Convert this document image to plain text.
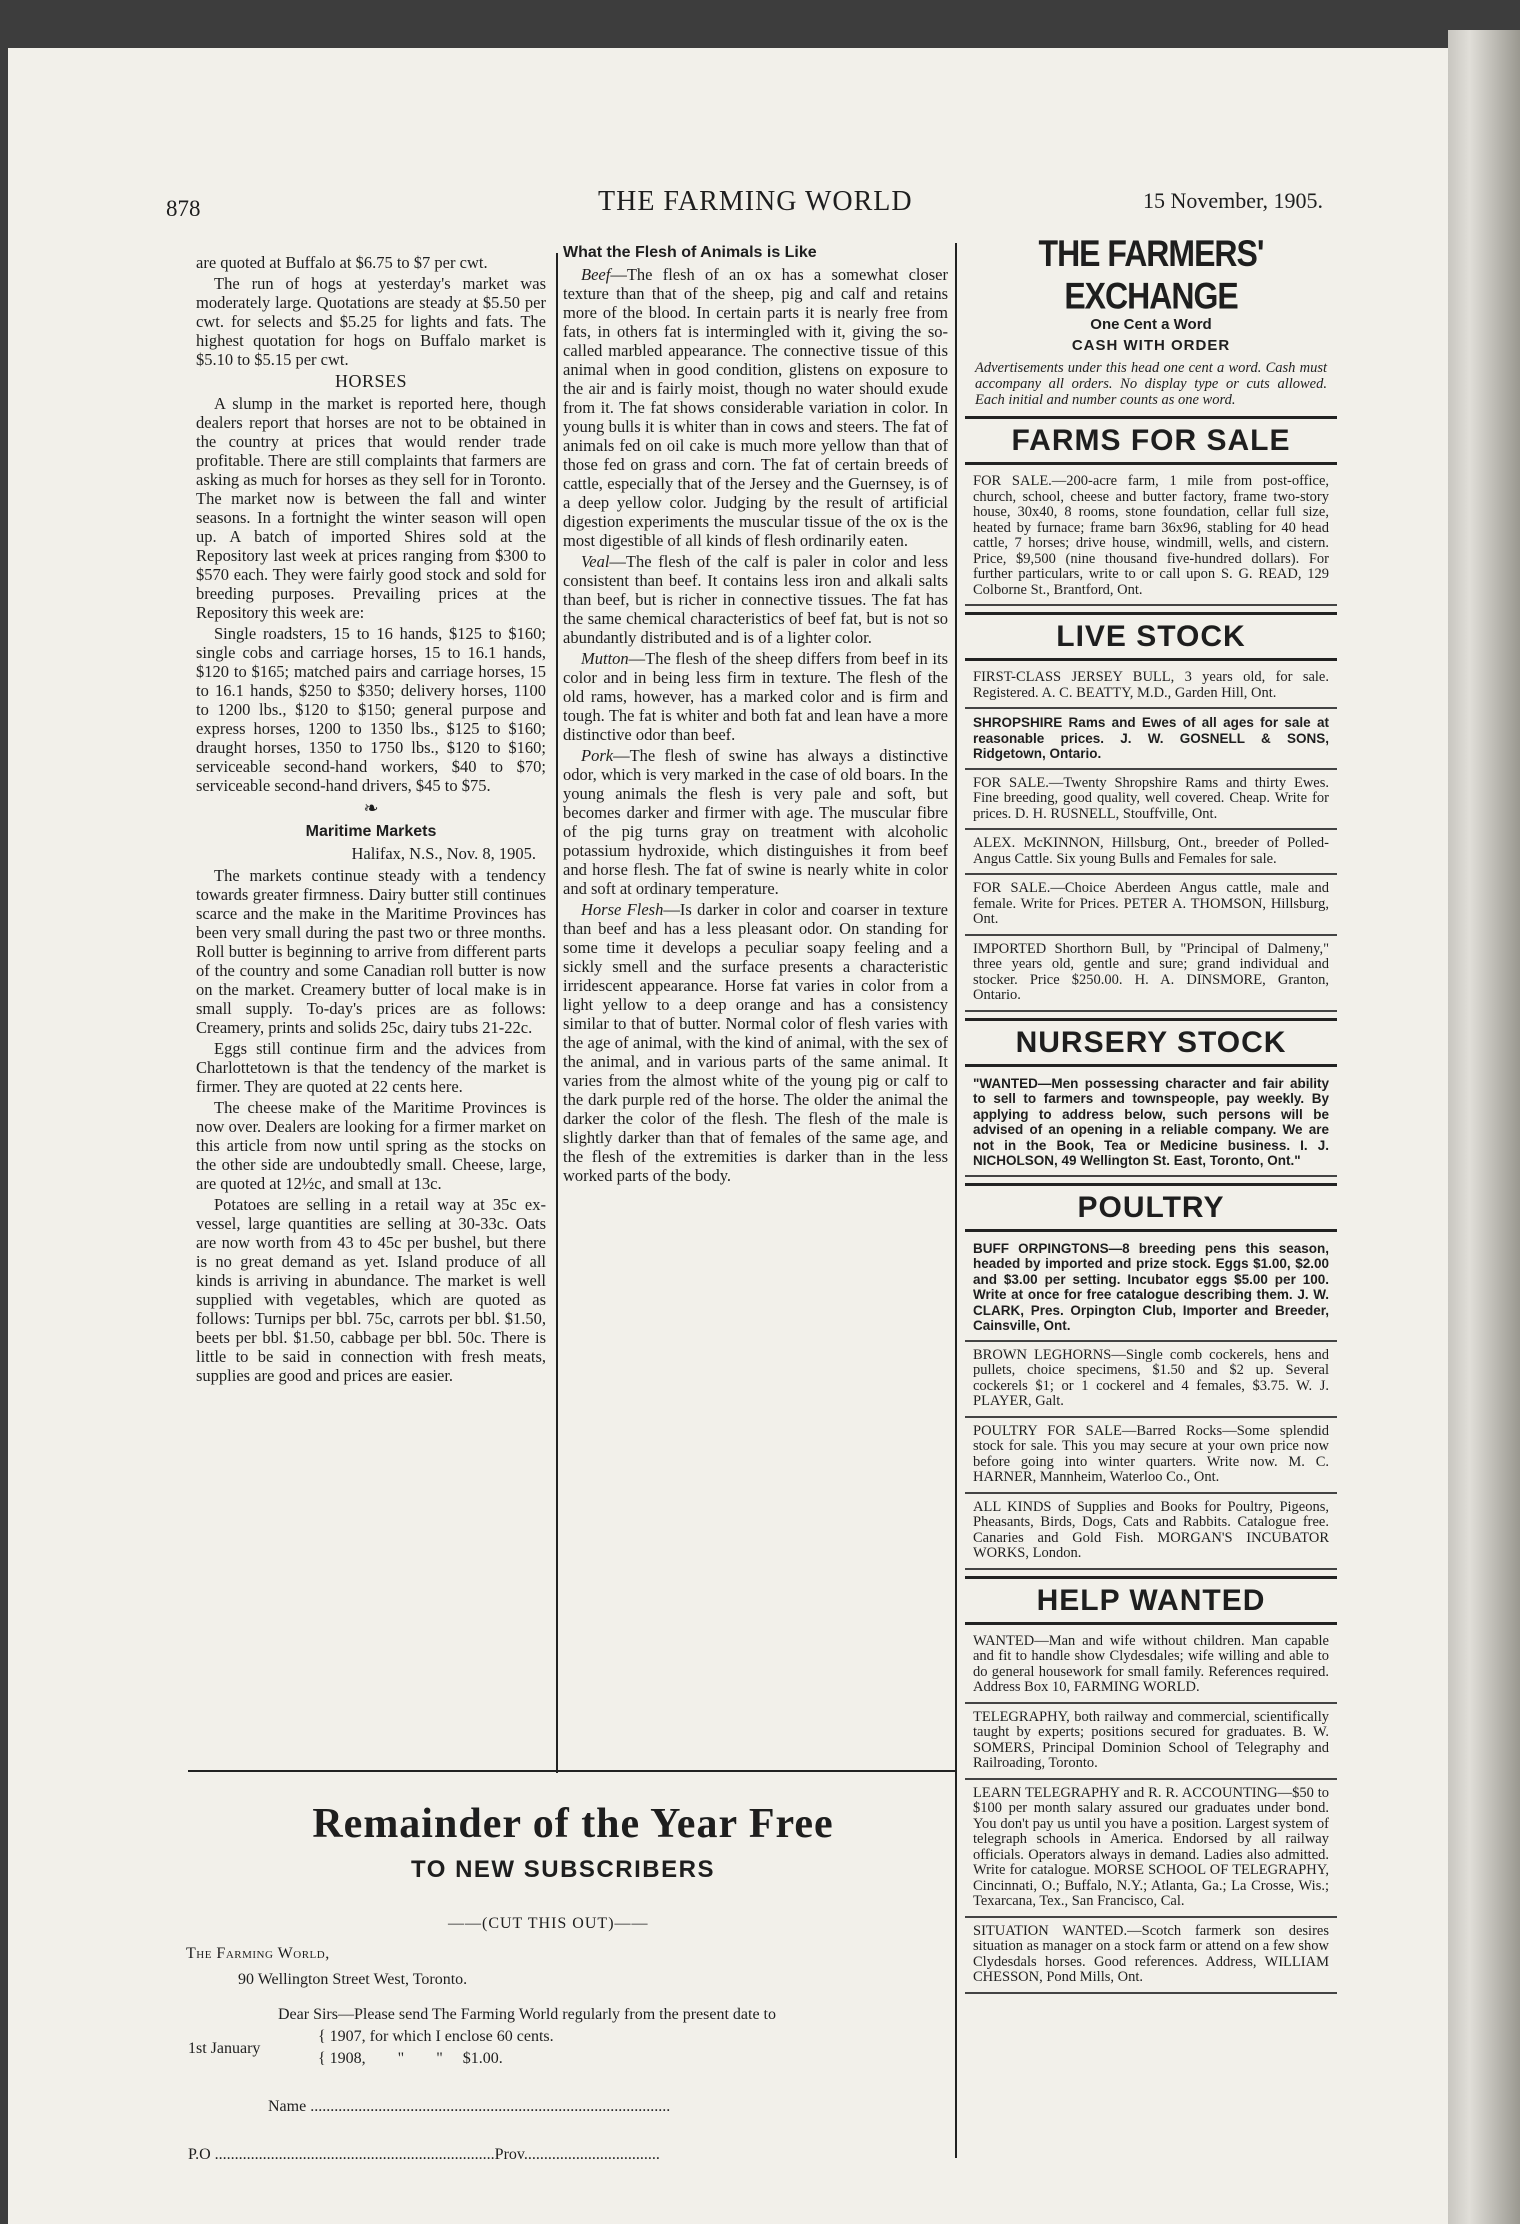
878	THE FARMING WORLD	15 November, 1905.

are quoted at Buffalo at $6.75 to $7 per cwt.

The run of hogs at yesterday's market was moderately large. Quotations are steady at $5.50 per cwt. for selects and $5.25 for lights and fats. The highest quotation for hogs on Buffalo market is $5.10 to $5.15 per cwt.

HORSES

A slump in the market is reported here, though dealers report that horses are not to be obtained in the country at prices that would render trade profitable. There are still complaints that farmers are asking as much for horses as they sell for in Toronto. The market now is between the fall and winter seasons. In a fortnight the winter season will open up. A batch of imported Shires sold at the Repository last week at prices ranging from $300 to $570 each. They were fairly good stock and sold for breeding purposes. Prevailing prices at the Repository this week are:

Single roadsters, 15 to 16 hands, $125 to $160; single cobs and carriage horses, 15 to 16.1 hands, $120 to $165; matched pairs and carriage horses, 15 to 16.1 hands, $250 to $350; delivery horses, 1100 to 1200 lbs., $120 to $150; general purpose and express horses, 1200 to 1350 lbs., $125 to $160; draught horses, 1350 to 1750 lbs., $120 to $160; serviceable second-hand workers, $40 to $70; serviceable second-hand drivers, $45 to $75.

❧
Maritime Markets
Halifax, N.S., Nov. 8, 1905.

The markets continue steady with a tendency towards greater firmness. Dairy butter still continues scarce and the make in the Maritime Provinces has been very small during the past two or three months. Roll butter is beginning to arrive from different parts of the country and some Canadian roll butter is now on the market. Creamery butter of local make is in small supply. To-day's prices are as follows: Creamery, prints and solids 25c, dairy tubs 21-22c.

Eggs still continue firm and the advices from Charlottetown is that the tendency of the market is firmer. They are quoted at 22 cents here.

The cheese make of the Maritime Provinces is now over. Dealers are looking for a firmer market on this article from now until spring as the stocks on the other side are undoubtedly small. Cheese, large, are quoted at 12½c, and small at 13c.

Potatoes are selling in a retail way at 35c ex-vessel, large quantities are selling at 30-33c. Oats are now worth from 43 to 45c per bushel, but there is no great demand as yet. Island produce of all kinds is arriving in abundance. The market is well supplied with vegetables, which are quoted as follows: Turnips per bbl. 75c, carrots per bbl. $1.50, beets per bbl. $1.50, cabbage per bbl. 50c. There is little to be said in connection with fresh meats, supplies are good and prices are easier.

What the Flesh of Animals is Like

Beef—The flesh of an ox has a somewhat closer texture than that of the sheep, pig and calf and retains more of the blood. In certain parts it is nearly free from fats, in others fat is intermingled with it, giving the so-called marbled appearance. The connective tissue of this animal when in good condition, glistens on exposure to the air and is fairly moist, though no water should exude from it. The fat shows considerable variation in color. In young bulls it is whiter than in cows and steers. The fat of animals fed on oil cake is much more yellow than that of those fed on grass and corn. The fat of certain breeds of cattle, especially that of the Jersey and the Guernsey, is of a deep yellow color. Judging by the result of artificial digestion experiments the muscular tissue of the ox is the most digestible of all kinds of flesh ordinarily eaten.

Veal—The flesh of the calf is paler in color and less consistent than beef. It contains less iron and alkali salts than beef, but is richer in connective tissues. The fat has the same chemical characteristics of beef fat, but is not so abundantly distributed and is of a lighter color.

Mutton—The flesh of the sheep differs from beef in its color and in being less firm in texture. The flesh of the old rams, however, has a marked color and is firm and tough. The fat is whiter and both fat and lean have a more distinctive odor than beef.

Pork—The flesh of swine has always a distinctive odor, which is very marked in the case of old boars. In the young animals the flesh is very pale and soft, but becomes darker and firmer with age. The muscular fibre of the pig turns gray on treatment with alcoholic potassium hydroxide, which distinguishes it from beef and horse flesh. The fat of swine is nearly white in color and soft at ordinary temperature.

Horse Flesh—Is darker in color and coarser in texture than beef and has a less pleasant odor. On standing for some time it develops a peculiar soapy feeling and a sickly smell and the surface presents a characteristic irridescent appearance. Horse fat varies in color from a light yellow to a deep orange and has a consistency similar to that of butter. Normal color of flesh varies with the age of animal, with the kind of animal, with the sex of the animal, and in various parts of the same animal. It varies from the almost white of the young pig or calf to the dark purple red of the horse. The older the animal the darker the color of the flesh. The flesh of the male is slightly darker than that of females of the same age, and the flesh of the extremities is darker than in the less worked parts of the body.

THE FARMERS' EXCHANGE
One Cent a Word
CASH WITH ORDER
Advertisements under this head one cent a word. Cash must accompany all orders. No display type or cuts allowed. Each initial and number counts as one word.
FARMS FOR SALE
FOR SALE.—200-acre farm, 1 mile from post-office, church, school, cheese and butter factory, frame two-story house, 30x40, 8 rooms, stone foundation, cellar full size, heated by furnace; frame barn 36x96, stabling for 40 head cattle, 7 horses; drive house, windmill, wells, and cistern. Price, $9,500 (nine thousand five-hundred dollars). For further particulars, write to or call upon S. G. READ, 129 Colborne St., Brantford, Ont.
LIVE STOCK
FIRST-CLASS JERSEY BULL, 3 years old, for sale. Registered. A. C. BEATTY, M.D., Garden Hill, Ont.
SHROPSHIRE Rams and Ewes of all ages for sale at reasonable prices. J. W. GOSNELL & SONS, Ridgetown, Ontario.
FOR SALE.—Twenty Shropshire Rams and thirty Ewes. Fine breeding, good quality, well covered. Cheap. Write for prices. D. H. RUSNELL, Stouffville, Ont.
ALEX. McKINNON, Hillsburg, Ont., breeder of Polled-Angus Cattle. Six young Bulls and Females for sale.
FOR SALE.—Choice Aberdeen Angus cattle, male and female. Write for Prices. PETER A. THOMSON, Hillsburg, Ont.
IMPORTED Shorthorn Bull, by "Principal of Dalmeny," three years old, gentle and sure; grand individual and stocker. Price $250.00. H. A. DINSMORE, Granton, Ontario.
NURSERY STOCK
"WANTED—Men possessing character and fair ability to sell to farmers and townspeople, pay weekly. By applying to address below, such persons will be advised of an opening in a reliable company. We are not in the Book, Tea or Medicine business. I. J. NICHOLSON, 49 Wellington St. East, Toronto, Ont."
POULTRY
BUFF ORPINGTONS—8 breeding pens this season, headed by imported and prize stock. Eggs $1.00, $2.00 and $3.00 per setting. Incubator eggs $5.00 per 100. Write at once for free catalogue describing them. J. W. CLARK, Pres. Orpington Club, Importer and Breeder, Cainsville, Ont.
BROWN LEGHORNS—Single comb cockerels, hens and pullets, choice specimens, $1.50 and $2 up. Several cockerels $1; or 1 cockerel and 4 females, $3.75. W. J. PLAYER, Galt.
POULTRY FOR SALE—Barred Rocks—Some splendid stock for sale. This you may secure at your own price now before going into winter quarters. Write now. M. C. HARNER, Mannheim, Waterloo Co., Ont.
ALL KINDS of Supplies and Books for Poultry, Pigeons, Pheasants, Birds, Dogs, Cats and Rabbits. Catalogue free. Canaries and Gold Fish. MORGAN'S INCUBATOR WORKS, London.
HELP WANTED
WANTED—Man and wife without children. Man capable and fit to handle show Clydesdales; wife willing and able to do general housework for small family. References required. Address Box 10, FARMING WORLD.
TELEGRAPHY, both railway and commercial, scientifically taught by experts; positions secured for graduates. B. W. SOMERS, Principal Dominion School of Telegraphy and Railroading, Toronto.
LEARN TELEGRAPHY and R. R. ACCOUNTING—$50 to $100 per month salary assured our graduates under bond. You don't pay us until you have a position. Largest system of telegraph schools in America. Endorsed by all railway officials. Operators always in demand. Ladies also admitted. Write for catalogue. MORSE SCHOOL OF TELEGRAPHY, Cincinnati, O.; Buffalo, N.Y.; Atlanta, Ga.; La Crosse, Wis.; Texarcana, Tex., San Francisco, Cal.
SITUATION WANTED.—Scotch farmerk son desires situation as manager on a stock farm or attend on a few show Clydesdals horses. Good references. Address, WILLIAM CHESSON, Pond Mills, Ont.
Remainder of the Year Free
TO NEW SUBSCRIBERS
——(CUT THIS OUT)——
The Farming World,
90 Wellington Street West, Toronto.
Dear Sirs—Please send The Farming World regularly from the present date to
1st January
{ 1907, for which I enclose 60 cents.
{ 1908,        "        "     $1.00.
Name ..........................................................................................
P.O ......................................................................Prov..................................
